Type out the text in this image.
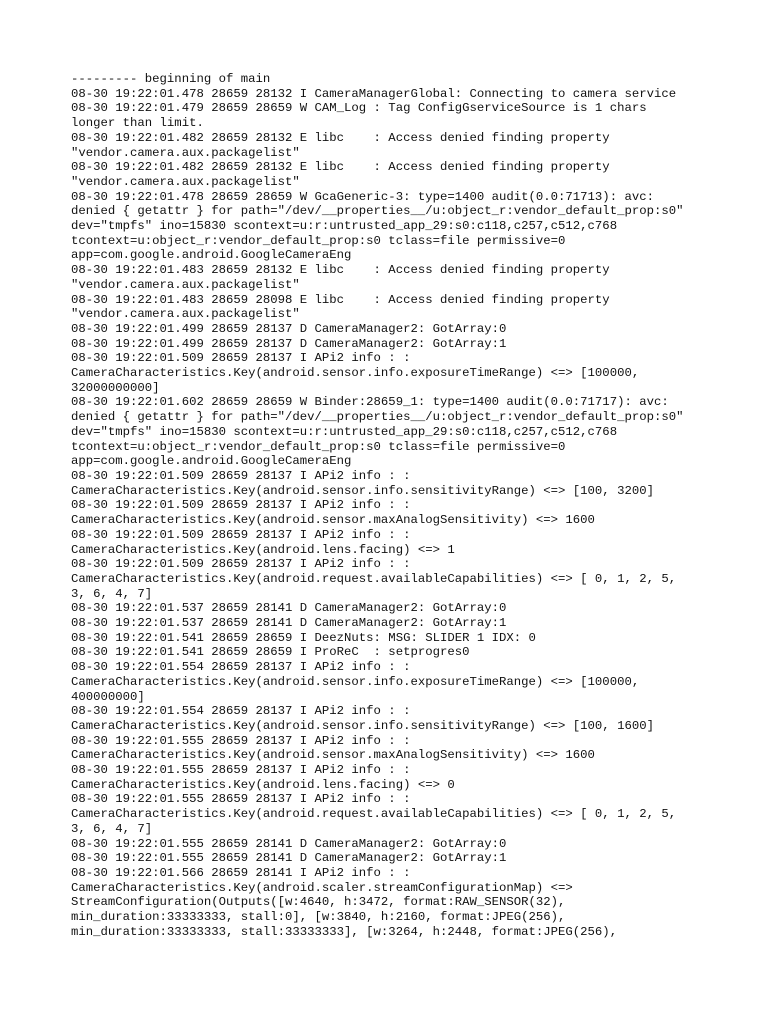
--------- beginning of main
08-30 19:22:01.478 28659 28132 I CameraManagerGlobal: Connecting to camera service
08-30 19:22:01.479 28659 28659 W CAM_Log : Tag ConfigGserviceSource is 1 chars
longer than limit.
08-30 19:22:01.482 28659 28132 E libc    : Access denied finding property
"vendor.camera.aux.packagelist"
08-30 19:22:01.482 28659 28132 E libc    : Access denied finding property
"vendor.camera.aux.packagelist"
08-30 19:22:01.478 28659 28659 W GcaGeneric-3: type=1400 audit(0.0:71713): avc:
denied { getattr } for path="/dev/__properties__/u:object_r:vendor_default_prop:s0"
dev="tmpfs" ino=15830 scontext=u:r:untrusted_app_29:s0:c118,c257,c512,c768
tcontext=u:object_r:vendor_default_prop:s0 tclass=file permissive=0
app=com.google.android.GoogleCameraEng
08-30 19:22:01.483 28659 28132 E libc    : Access denied finding property
"vendor.camera.aux.packagelist"
08-30 19:22:01.483 28659 28098 E libc    : Access denied finding property
"vendor.camera.aux.packagelist"
08-30 19:22:01.499 28659 28137 D CameraManager2: GotArray:0
08-30 19:22:01.499 28659 28137 D CameraManager2: GotArray:1
08-30 19:22:01.509 28659 28137 I APi2 info : :
CameraCharacteristics.Key(android.sensor.info.exposureTimeRange) <=> [100000,
32000000000]
08-30 19:22:01.602 28659 28659 W Binder:28659_1: type=1400 audit(0.0:71717): avc:
denied { getattr } for path="/dev/__properties__/u:object_r:vendor_default_prop:s0"
dev="tmpfs" ino=15830 scontext=u:r:untrusted_app_29:s0:c118,c257,c512,c768
tcontext=u:object_r:vendor_default_prop:s0 tclass=file permissive=0
app=com.google.android.GoogleCameraEng
08-30 19:22:01.509 28659 28137 I APi2 info : :
CameraCharacteristics.Key(android.sensor.info.sensitivityRange) <=> [100, 3200]
08-30 19:22:01.509 28659 28137 I APi2 info : :
CameraCharacteristics.Key(android.sensor.maxAnalogSensitivity) <=> 1600
08-30 19:22:01.509 28659 28137 I APi2 info : :
CameraCharacteristics.Key(android.lens.facing) <=> 1
08-30 19:22:01.509 28659 28137 I APi2 info : :
CameraCharacteristics.Key(android.request.availableCapabilities) <=> [ 0, 1, 2, 5,
3, 6, 4, 7]
08-30 19:22:01.537 28659 28141 D CameraManager2: GotArray:0
08-30 19:22:01.537 28659 28141 D CameraManager2: GotArray:1
08-30 19:22:01.541 28659 28659 I DeezNuts: MSG: SLIDER 1 IDX: 0
08-30 19:22:01.541 28659 28659 I ProReC  : setprogres0
08-30 19:22:01.554 28659 28137 I APi2 info : :
CameraCharacteristics.Key(android.sensor.info.exposureTimeRange) <=> [100000,
400000000]
08-30 19:22:01.554 28659 28137 I APi2 info : :
CameraCharacteristics.Key(android.sensor.info.sensitivityRange) <=> [100, 1600]
08-30 19:22:01.555 28659 28137 I APi2 info : :
CameraCharacteristics.Key(android.sensor.maxAnalogSensitivity) <=> 1600
08-30 19:22:01.555 28659 28137 I APi2 info : :
CameraCharacteristics.Key(android.lens.facing) <=> 0
08-30 19:22:01.555 28659 28137 I APi2 info : :
CameraCharacteristics.Key(android.request.availableCapabilities) <=> [ 0, 1, 2, 5,
3, 6, 4, 7]
08-30 19:22:01.555 28659 28141 D CameraManager2: GotArray:0
08-30 19:22:01.555 28659 28141 D CameraManager2: GotArray:1
08-30 19:22:01.566 28659 28141 I APi2 info : :
CameraCharacteristics.Key(android.scaler.streamConfigurationMap) <=>
StreamConfiguration(Outputs([w:4640, h:3472, format:RAW_SENSOR(32),
min_duration:33333333, stall:0], [w:3840, h:2160, format:JPEG(256),
min_duration:33333333, stall:33333333], [w:3264, h:2448, format:JPEG(256),
